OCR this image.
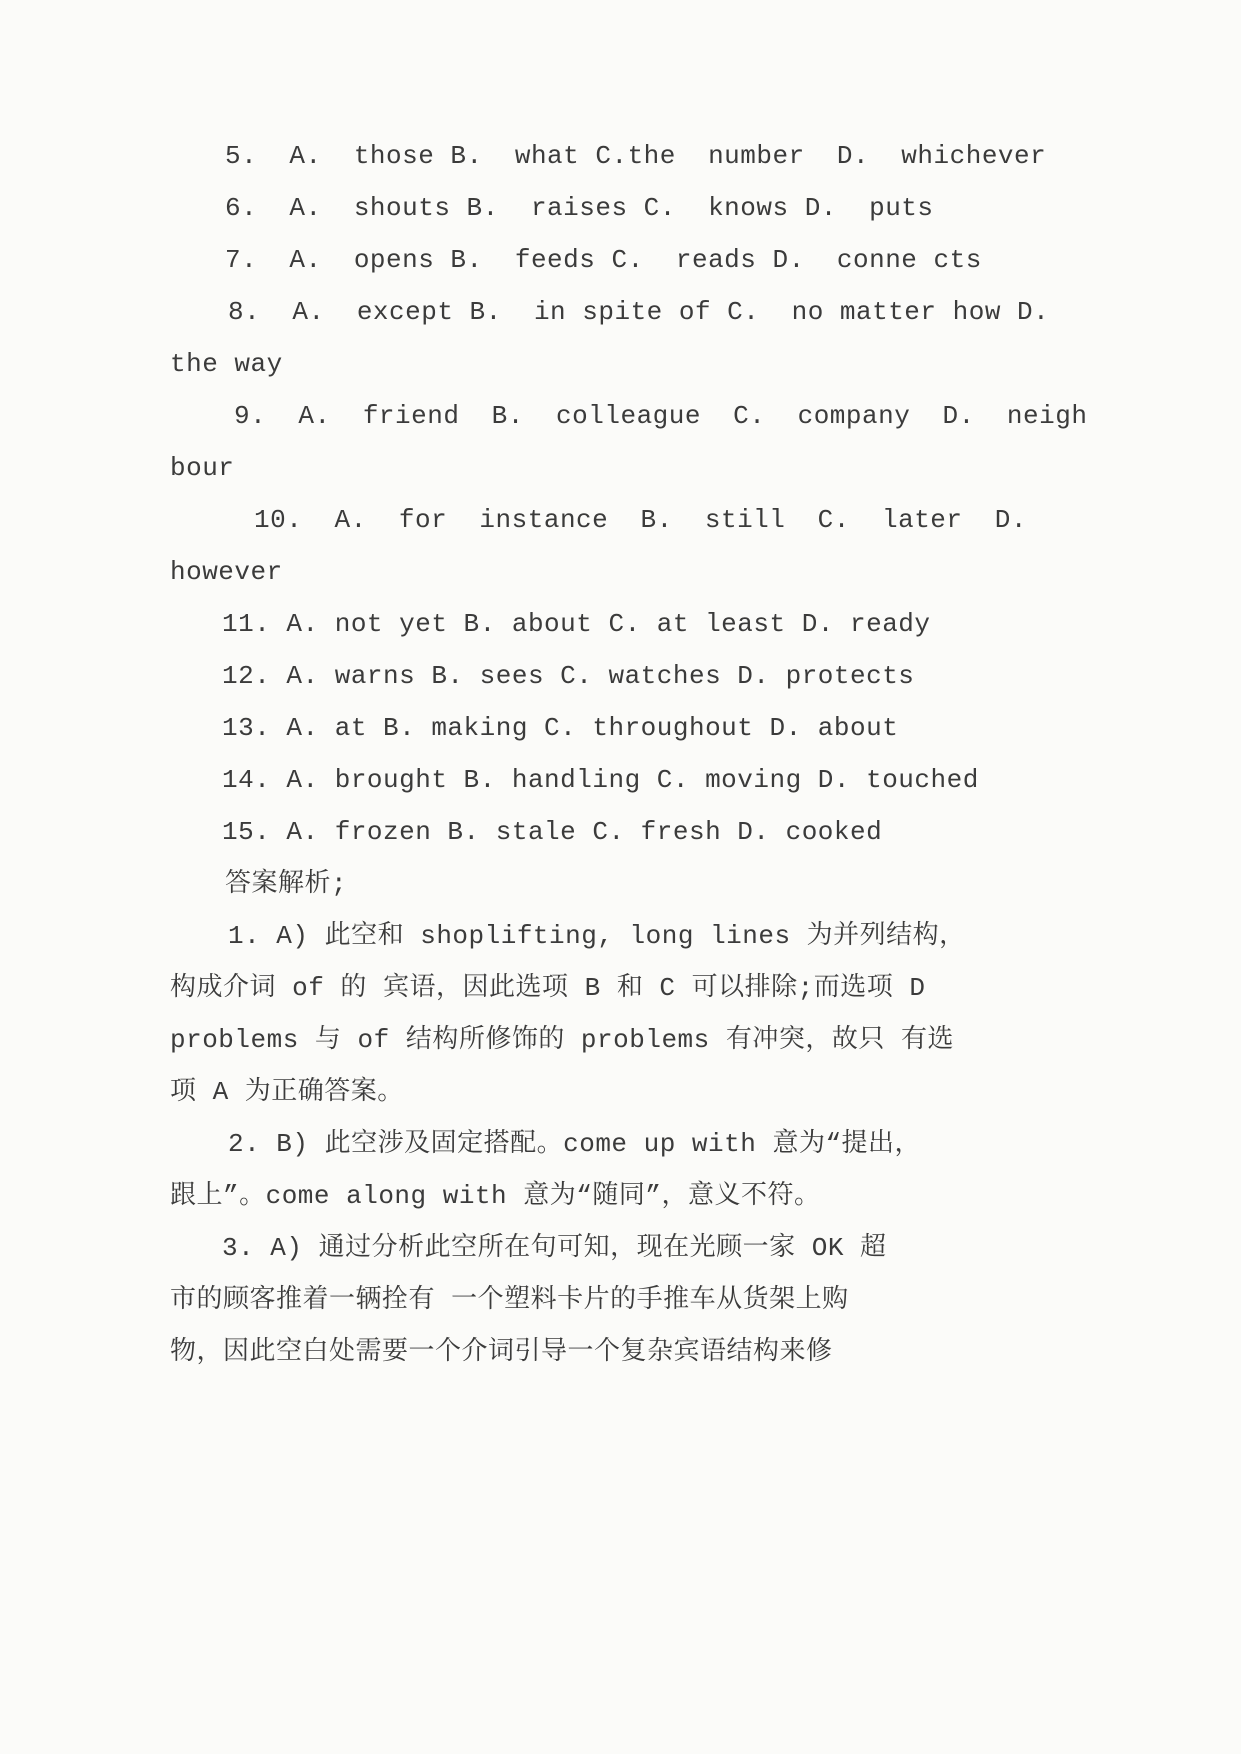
5.  A.  those B.  what C.the  number  D.  whichever
6.  A.  shouts B.  raises C.  knows D.  puts
7.  A.  opens B.  feeds C.  reads D.  conne cts
8.  A.  except B.  in spite of C.  no matter how D.
the way
9.  A.  friend  B.  colleague  C.  company  D.  neigh
bour
10.  A.  for  instance  B.  still  C.  later  D.
however
11. A. not yet B. about C. at least D. ready
12. A. warns B. sees C. watches D. protects
13. A. at B. making C. throughout D. about
14. A. brought B. handling C. moving D. touched
15. A. frozen B. stale C. fresh D. cooked
答案解析;
1. A) 此空和 shoplifting, long lines 为并列结构，
构成介词 of 的 宾语，因此选项 B 和 C 可以排除;而选项 D
problems 与 of 结构所修饰的 problems 有冲突，故只 有选
项 A 为正确答案。
2. B) 此空涉及固定搭配。come up with 意为“提出，
跟上”。come along with 意为“随同”，意义不符。
3. A) 通过分析此空所在句可知，现在光顾一家 OK 超
市的顾客推着一辆拴有 一个塑料卡片的手推车从货架上购
物，因此空白处需要一个介词引导一个复杂宾语结构来修
